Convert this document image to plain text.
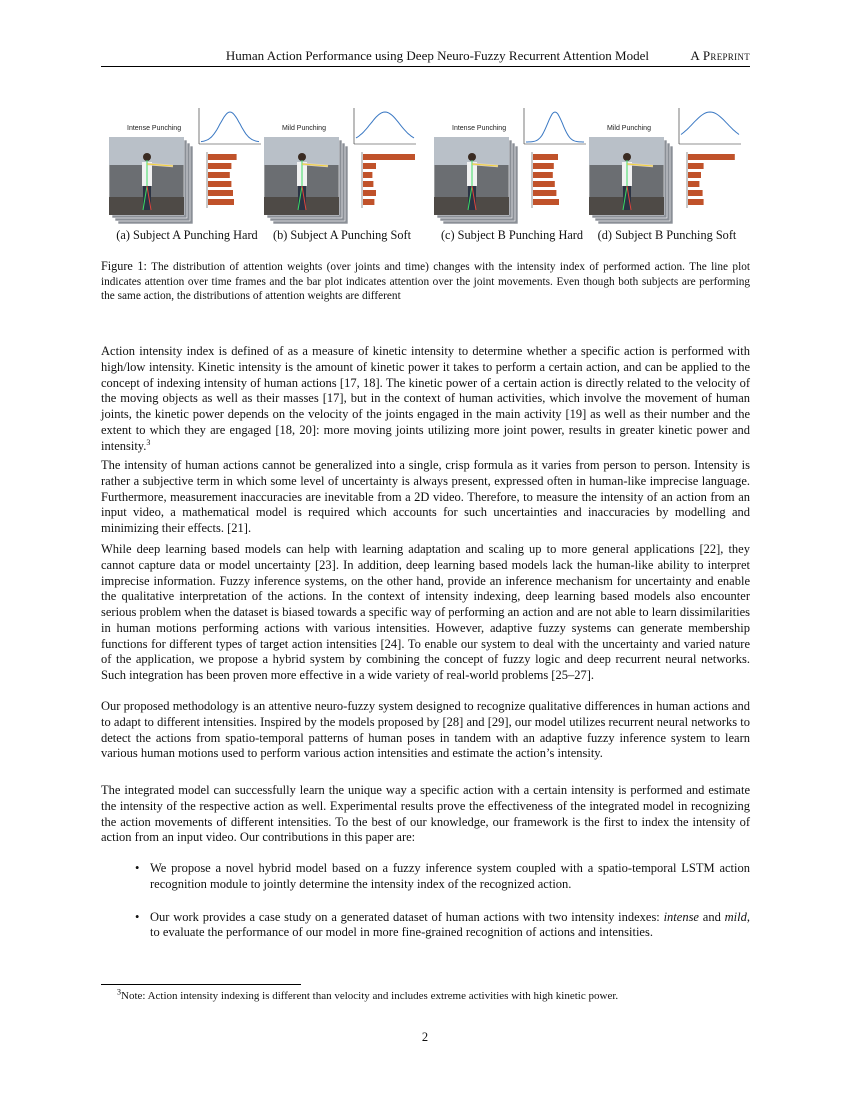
Human Action Performance using Deep Neuro-Fuzzy Recurrent Attention Model	A Preprint
Intense Punching
(a) Subject A Punching Hard
Mild Punching
(b) Subject A Punching Soft
Intense Punching
(c) Subject B Punching Hard
Mild Punching
(d) Subject B Punching Soft
Figure 1: The distribution of attention weights (over joints and time) changes with the intensity index of performed action. The line plot indicates attention over time frames and the bar plot indicates attention over the joint movements. Even though both subjects are performing the same action, the distributions of attention weights are different

Action intensity index is defined of as a measure of kinetic intensity to determine whether a specific action is performed with high/low intensity. Kinetic intensity is the amount of kinetic power it takes to perform a certain action, and can be applied to the concept of indexing intensity of human actions [17, 18]. The kinetic power of a certain action is directly related to the velocity of the moving objects as well as their masses [17], but in the context of human activities, which involve the movement of human joints, the kinetic power depends on the velocity of the joints engaged in the main activity [19] as well as their number and the extent to which they are engaged [18, 20]: more moving joints utilizing more joint power, results in greater kinetic power and intensity.$^3$

The intensity of human actions cannot be generalized into a single, crisp formula as it varies from person to person. Intensity is rather a subjective term in which some level of uncertainty is always present, expressed often in human-like imprecise language. Furthermore, measurement inaccuracies are inevitable from a 2D video. Therefore, to measure the intensity of an action from an input video, a mathematical model is required which accounts for such uncertainties and inaccuracies by modelling and minimizing their effects. [21].

While deep learning based models can help with learning adaptation and scaling up to more general applications [22], they cannot capture data or model uncertainty [23]. In addition, deep learning based models lack the human-like ability to interpret imprecise information. Fuzzy inference systems, on the other hand, provide an inference mechanism for uncertainty and enable the qualitative interpretation of the actions. In the context of intensity indexing, deep learning based models also encounter serious problem when the dataset is biased towards a specific way of performing an action and are not able to learn dissimilarities in human motions performing actions with various intensities. However, adaptive fuzzy systems can generate membership functions for different types of target action intensities [24]. To enable our system to deal with the uncertainty and varied nature of the application, we propose a hybrid system by combining the concept of fuzzy logic and deep recurrent neural networks. Such integration has been proven more effective in a wide variety of real-world problems [25–27].

Our proposed methodology is an attentive neuro-fuzzy system designed to recognize qualitative differences in human actions and to adapt to different intensities. Inspired by the models proposed by [28] and [29], our model utilizes recurrent neural networks to detect the actions from spatio-temporal patterns of human poses in tandem with an adaptive fuzzy inference system to learn various human motions used to perform various action intensities and estimate the action’s intensity.

The integrated model can successfully learn the unique way a specific action with a certain intensity is performed and estimate the intensity of the respective action as well. Experimental results prove the effectiveness of the integrated model in recognizing the action movements of different intensities. To the best of our knowledge, our framework is the first to index the intensity of action from an input video. Our contributions in this paper are:

• We propose a novel hybrid model based on a fuzzy inference system coupled with a spatio-temporal LSTM action recognition module to jointly determine the intensity index of the recognized action.
• Our work provides a case study on a generated dataset of human actions with two intensity indexes: intense and mild, to evaluate the performance of our model in more fine-grained recognition of actions and intensities.
$^3$Note: Action intensity indexing is different than velocity and includes extreme activities with high kinetic power.
2
